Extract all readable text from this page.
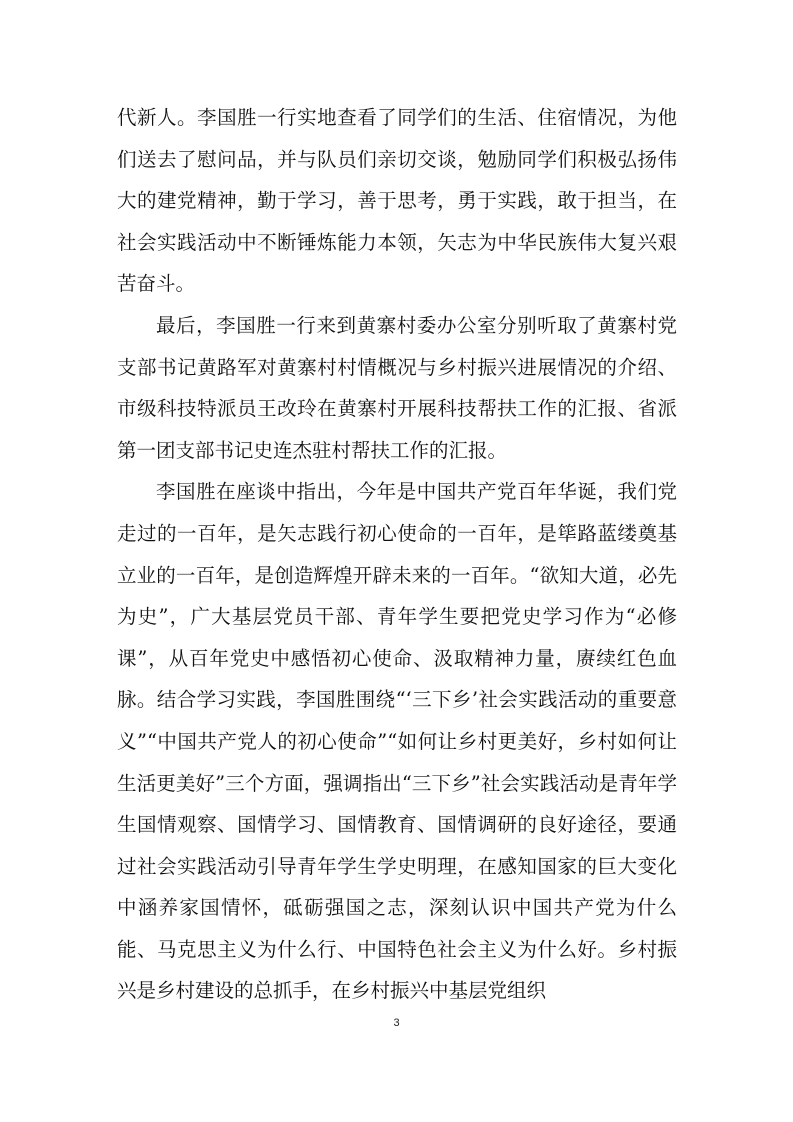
代新人。李国胜一行实地查看了同学们的生活、住宿情况，为他们送去了慰问品，并与队员们亲切交谈，勉励同学们积极弘扬伟大的建党精神，勤于学习，善于思考，勇于实践，敢于担当，在社会实践活动中不断锤炼能力本领，矢志为中华民族伟大复兴艰苦奋斗。

最后，李国胜一行来到黄寨村委办公室分别听取了黄寨村党支部书记黄路军对黄寨村村情概况与乡村振兴进展情况的介绍、市级科技特派员王改玲在黄寨村开展科技帮扶工作的汇报、省派第一团支部书记史连杰驻村帮扶工作的汇报。

李国胜在座谈中指出，今年是中国共产党百年华诞，我们党走过的一百年，是矢志践行初心使命的一百年，是筚路蓝缕奠基立业的一百年，是创造辉煌开辟未来的一百年。“欲知大道，必先为史”，广大基层党员干部、青年学生要把党史学习作为“必修课”，从百年党史中感悟初心使命、汲取精神力量，赓续红色血脉。结合学习实践，李国胜围绕“‘三下乡’社会实践活动的重要意义”“中国共产党人的初心使命”“如何让乡村更美好，乡村如何让生活更美好”三个方面，强调指出“三下乡”社会实践活动是青年学生国情观察、国情学习、国情教育、国情调研的良好途径，要通过社会实践活动引导青年学生学史明理，在感知国家的巨大变化中涵养家国情怀，砥砺强国之志，深刻认识中国共产党为什么能、马克思主义为什么行、中国特色社会主义为什么好。乡村振兴是乡村建设的总抓手，在乡村振兴中基层党组织

3
